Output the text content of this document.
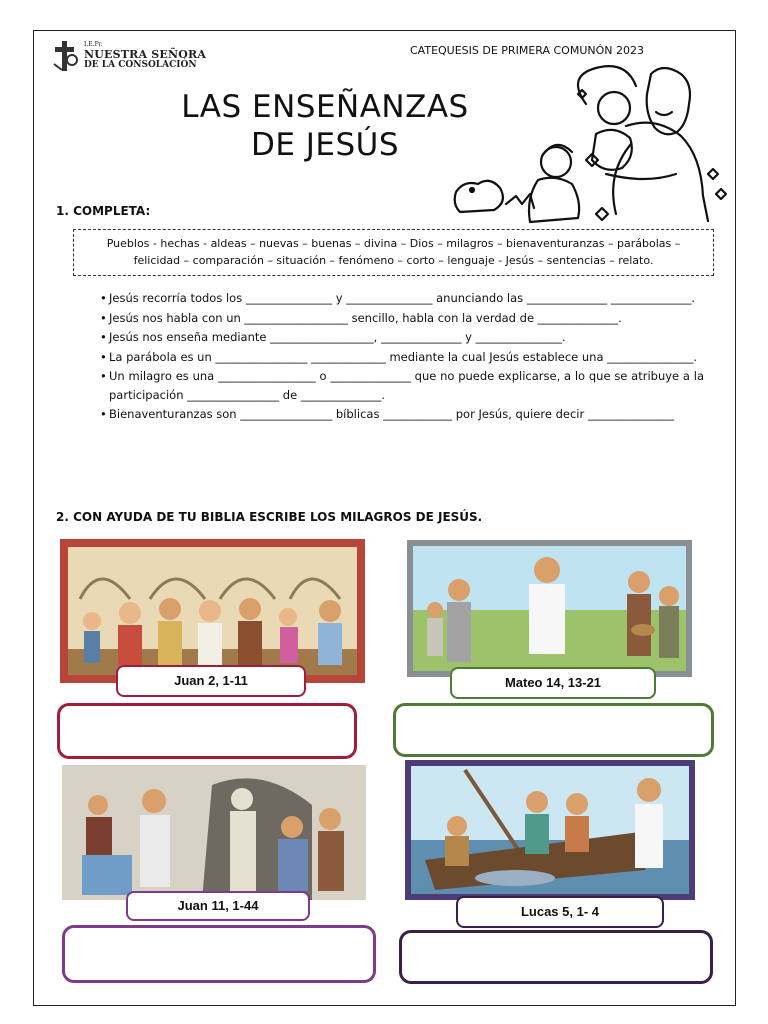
I.E.Pr.
NUESTRA SEÑORA
DE LA CONSOLACIÓN
CATEQUESIS DE PRIMERA COMUNÓN 2023
LAS ENSEÑANZAS
DE JESÚS
1. COMPLETA:
Pueblos - hechas - aldeas – nuevas – buenas – divina – Dios – milagros – bienaventuranzas – parábolas –
felicidad – comparación – situación – fenómeno – corto – lenguaje - Jesús – sentencias – relato.
• Jesús recorría todos los _______________ y _______________ anunciando las ______________ ______________.
• Jesús nos habla con un __________________ sencillo, habla con la verdad de ______________.
• Jesús nos enseña mediante __________________, ______________ y _______________.
• La parábola es un ________________ _____________ mediante la cual Jesús establece una _______________.
• Un milagro es una _________________ o ______________ que no puede explicarse, a lo que se atribuye a la participación ________________ de ______________.
• Bienaventuranzas son ________________ bíblicas ____________ por Jesús, quiere decir _______________
2. CON AYUDA DE TU BIBLIA ESCRIBE LOS MILAGROS DE JESÚS.
Juan 2, 1-11	Mateo 14, 13-21
Juan 11, 1-44	Lucas 5, 1- 4
